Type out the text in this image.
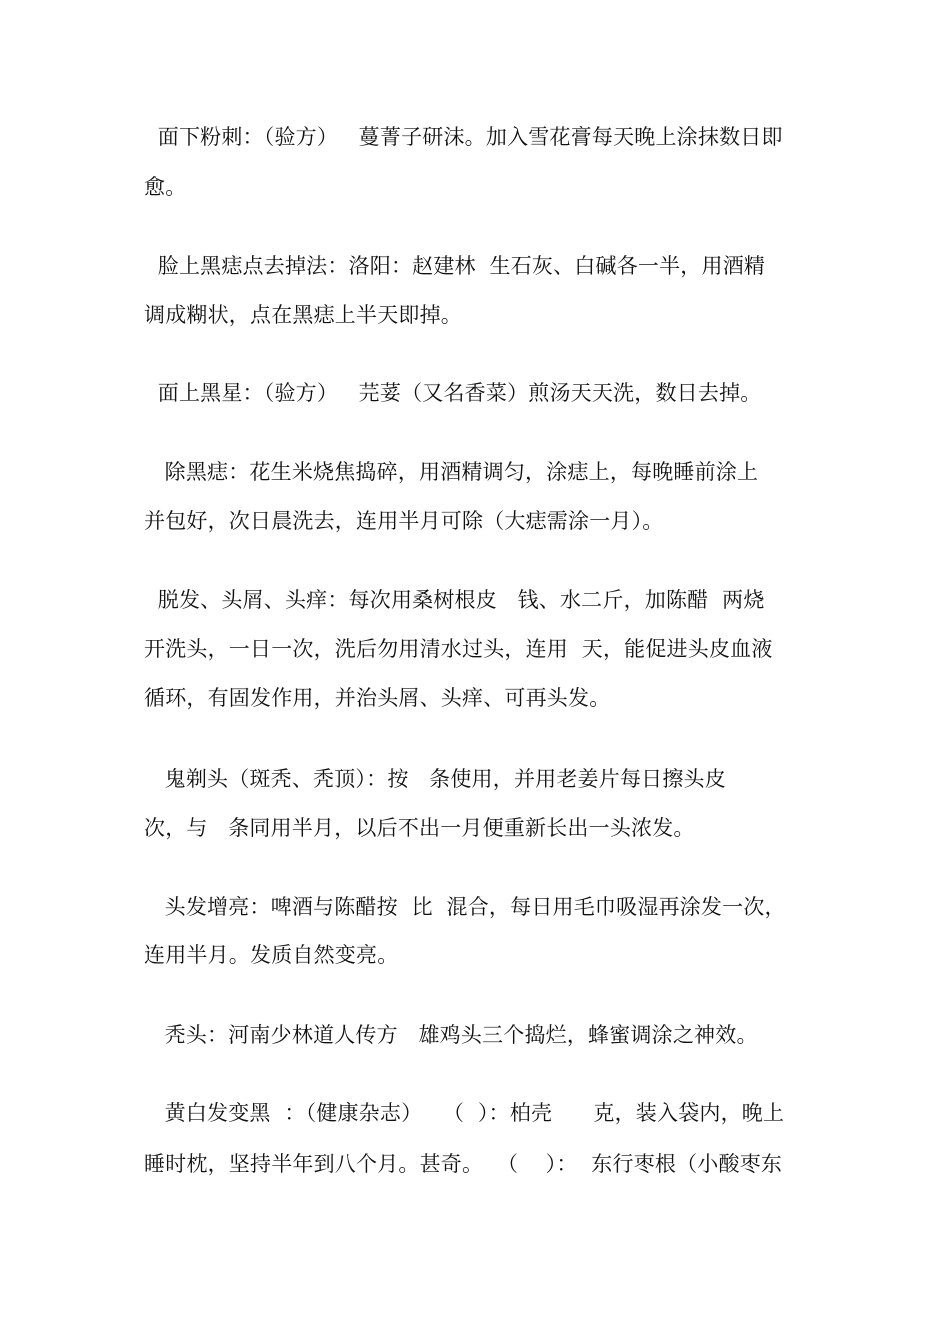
面下粉刺：（验方）   蔓菁子研沫。加入雪花膏每天晚上涂抹数日即
愈。
脸上黑痣点去掉法：洛阳：赵建林  生石灰、白碱各一半，用酒精
调成糊状，点在黑痣上半天即掉。
面上黑星：（验方）   芫荽（又名香菜）煎汤天天洗，数日去掉。
除黑痣：花生米烧焦捣碎，用酒精调匀，涂痣上，每晚睡前涂上
并包好，次日晨洗去，连用半月可除（大痣需涂一月）。
脱发、头屑、头痒：每次用桑树根皮   钱、水二斤，加陈醋  两烧
开洗头，一日一次，洗后勿用清水过头，连用  天，能促进头皮血液
循环，有固发作用，并治头屑、头痒、可再头发。
鬼剃头（斑秃、秃顶）：按   条使用，并用老姜片每日擦头皮
次，与   条同用半月，以后不出一月便重新长出一头浓发。
头发增亮：啤酒与陈醋按  比  混合，每日用毛巾吸湿再涂发一次，
连用半月。发质自然变亮。
秃头：河南少林道人传方   雄鸡头三个捣烂，蜂蜜调涂之神效。
黄白发变黑  ：（健康杂志）   （  ）：柏壳      克，装入袋内，晚上
睡时枕，坚持半年到八个月。甚奇。  （    ）：  东行枣根（小酸枣东
